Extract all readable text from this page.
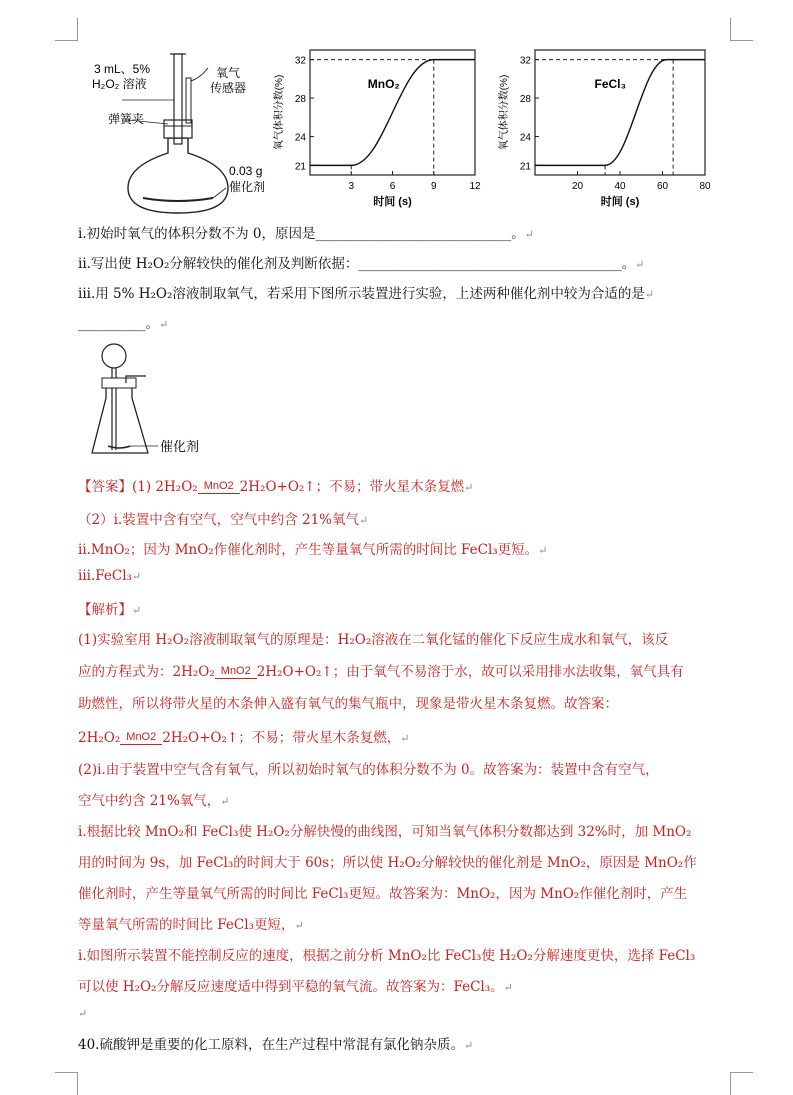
3 mL、5%
H₂O₂ 溶液
氧气
传感器
弹簧夹
0.03 g
催化剂
21
24
28
32
3	6	9	12
MnO₂
时间 (s)
氧气体积分数(%)
21
24
28
32
20	40	60	80
FeCl₃
时间 (s)
氧气体积分数(%)
i.初始时氧气的体积分数不为 0，原因是_____________________________。↵
ii.写出使 H₂O₂分解较快的催化剂及判断依据：_______________________________________。↵
iii.用 5% H₂O₂溶液制取氧气，若采用下图所示装置进行实验，上述两种催化剂中较为合适的是↵
__________。↵
催化剂
【答案】(1) 2H₂O₂ MnO2 2H₂O+O₂↑；不易；带火星木条复燃↵
（2）i.装置中含有空气，空气中约含 21%氧气↵
ii.MnO₂；因为 MnO₂作催化剂时，产生等量氧气所需的时间比 FeCl₃更短。↵
iii.FeCl₃↵
【解析】↵
(1)实验室用 H₂O₂溶液制取氧气的原理是：H₂O₂溶液在二氧化锰的催化下反应生成水和氧气，该反
应的方程式为：2H₂O₂ MnO2 2H₂O+O₂↑；由于氧气不易溶于水，故可以采用排水法收集，氧气具有
助燃性，所以将带火星的木条伸入盛有氧气的集气瓶中，现象是带火星木条复燃。故答案：
2H₂O₂ MnO2 2H₂O+O₂↑；不易；带火星木条复燃，↵
(2)i.由于装置中空气含有氧气，所以初始时氧气的体积分数不为 0。故答案为：装置中含有空气，
空气中约含 21%氧气，↵
i.根据比较 MnO₂和 FeCl₃使 H₂O₂分解快慢的曲线图，可知当氧气体积分数都达到 32%时，加 MnO₂
用的时间为 9s，加 FeCl₃的时间大于 60s；所以使 H₂O₂分解较快的催化剂是 MnO₂，原因是 MnO₂作
催化剂时，产生等量氧气所需的时间比 FeCl₃更短。故答案为：MnO₂，因为 MnO₂作催化剂时，产生
等量氧气所需的时间比 FeCl₃更短，↵
i.如图所示装置不能控制反应的速度，根据之前分析 MnO₂比 FeCl₃使 H₂O₂分解速度更快，选择 FeCl₃
可以使 H₂O₂分解反应速度适中得到平稳的氧气流。故答案为：FeCl₃。↵
↵
40.硫酸钾是重要的化工原料，在生产过程中常混有氯化钠杂质。↵
